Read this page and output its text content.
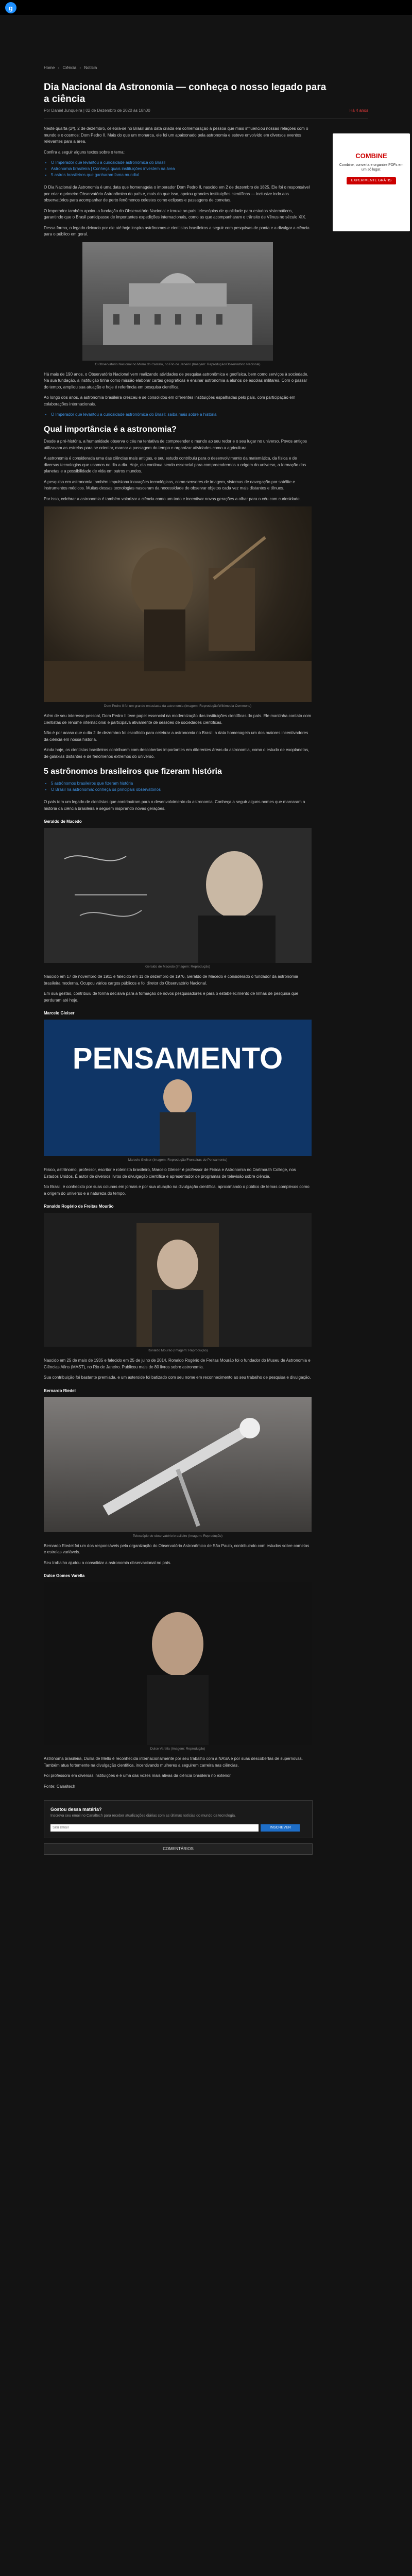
g
Home › Ciência › Notícia
Dia Nacional da Astronomia — conheça o nosso legado para a ciência
Por Daniel Junqueira | 02 de Dezembro de 2020 às 18h00	Há 4 anos
COMBINE
Combine, converta e organize PDFs em um só lugar.
EXPERIMENTE GRÁTIS

Neste quarta (2ª), 2 de dezembro, celebra-se no Brasil uma data criada em comemoração à pessoa que mais influenciou nossas relações com o mundo e o cosmos: Dom Pedro II. Mais do que um monarca, ele foi um apaixonado pela astronomia e esteve envolvido em diversos eventos relevantes para a área.

Confira a seguir alguns textos sobre o tema:

• O Imperador que levantou a curiosidade astronômica do Brasil
• Astronomia brasileira | Conheça quais instituições investem na área
• 5 astros brasileiros que ganharam fama mundial

O Dia Nacional da Astronomia é uma data que homenageia o imperador Dom Pedro II, nascido em 2 de dezembro de 1825. Ele foi o responsável por criar o primeiro Observatório Astronômico do país e, mais do que isso, apoiou grandes instituições científicas — inclusive indo aos observatórios para acompanhar de perto fenômenos celestes como eclipses e passagens de cometas.

O Imperador também apoiou a fundação do Observatório Nacional e trouxe ao país telescópios de qualidade para estudos sistemáticos, garantindo que o Brasil participasse de importantes expedições internacionais, como as que acompanharam o trânsito de Vênus no século XIX.

Dessa forma, o legado deixado por ele até hoje inspira astrônomos e cientistas brasileiros a seguir com pesquisas de ponta e a divulgar a ciência para o público em geral.

O Observatório Nacional no Morro do Castelo, no Rio de Janeiro (Imagem: Reprodução/Observatório Nacional)

Há mais de 190 anos, o Observatório Nacional vem realizando atividades de pesquisa astronômica e geofísica, bem como serviços à sociedade. Na sua fundação, a instituição tinha como missão elaborar cartas geográficas e ensinar astronomia a alunos de escolas militares. Com o passar do tempo, ampliou sua atuação e hoje é referência em pesquisa científica.

Ao longo dos anos, a astronomia brasileira cresceu e se consolidou em diferentes instituições espalhadas pelo país, com participação em colaborações internacionais.

• O Imperador que levantou a curiosidade astronômica do Brasil: saiba mais sobre a história
Qual importância é a astronomia?

Desde a pré-história, a humanidade observa o céu na tentativa de compreender o mundo ao seu redor e o seu lugar no universo. Povos antigos utilizavam as estrelas para se orientar, marcar a passagem do tempo e organizar atividades como a agricultura.

A astronomia é considerada uma das ciências mais antigas, e seu estudo contribuiu para o desenvolvimento da matemática, da física e de diversas tecnologias que usamos no dia a dia. Hoje, ela continua sendo essencial para compreendermos a origem do universo, a formação dos planetas e a possibilidade de vida em outros mundos.

A pesquisa em astronomia também impulsiona inovações tecnológicas, como sensores de imagem, sistemas de navegação por satélite e instrumentos médicos. Muitas dessas tecnologias nasceram da necessidade de observar objetos cada vez mais distantes e tênues.

Por isso, celebrar a astronomia é também valorizar a ciência como um todo e incentivar novas gerações a olhar para o céu com curiosidade.

Dom Pedro II foi um grande entusiasta da astronomia (Imagem: Reprodução/Wikimedia Commons)

Além de seu interesse pessoal, Dom Pedro II teve papel essencial na modernização das instituições científicas do país. Ele mantinha contato com cientistas de renome internacional e participava ativamente de sessões de sociedades científicas.

Não é por acaso que o dia 2 de dezembro foi escolhido para celebrar a astronomia no Brasil: a data homenageia um dos maiores incentivadores da ciência em nossa história.

Ainda hoje, os cientistas brasileiros contribuem com descobertas importantes em diferentes áreas da astronomia, como o estudo de exoplanetas, de galáxias distantes e de fenômenos extremos do universo.

5 astrônomos brasileiros que fizeram história
• 5 astrônomos brasileiros que fizeram história
• O Brasil na astronomia: conheça os principais observatórios

O país tem um legado de cientistas que contribuíram para o desenvolvimento da astronomia. Conheça a seguir alguns nomes que marcaram a história da ciência brasileira e seguem inspirando novas gerações.

Geraldo de Macedo
Geraldo de Macedo (Imagem: Reprodução)

Nascido em 17 de novembro de 1911 e falecido em 11 de dezembro de 1976, Geraldo de Macedo é considerado o fundador da astronomia brasileira moderna. Ocupou vários cargos públicos e foi diretor do Observatório Nacional.

Em sua gestão, contribuiu de forma decisiva para a formação de novos pesquisadores e para o estabelecimento de linhas de pesquisa que perduram até hoje.

Marcelo Gleiser
PENSAMENTO
Marcelo Gleiser (Imagem: Reprodução/Fronteiras do Pensamento)

Físico, astrônomo, professor, escritor e roteirista brasileiro, Marcelo Gleiser é professor de Física e Astronomia no Dartmouth College, nos Estados Unidos. É autor de diversos livros de divulgação científica e apresentador de programas de televisão sobre ciência.

No Brasil, é conhecido por suas colunas em jornais e por sua atuação na divulgação científica, aproximando o público de temas complexos como a origem do universo e a natureza do tempo.

Ronaldo Rogério de Freitas Mourão
Ronaldo Mourão (Imagem: Reprodução)

Nascido em 25 de maio de 1935 e falecido em 25 de julho de 2014, Ronaldo Rogério de Freitas Mourão foi o fundador do Museu de Astronomia e Ciências Afins (MAST), no Rio de Janeiro. Publicou mais de 80 livros sobre astronomia.

Sua contribuição foi bastante premiada, e um asteroide foi batizado com seu nome em reconhecimento ao seu trabalho de pesquisa e divulgação.

Bernardo Riedel
Telescópio de observatório brasileiro (Imagem: Reprodução)

Bernardo Riedel foi um dos responsáveis pela organização do Observatório Astronômico de São Paulo, contribuindo com estudos sobre cometas e estrelas variáveis.

Seu trabalho ajudou a consolidar a astronomia observacional no país.

Dulce Gomes Varella
Dulce Varella (Imagem: Reprodução)

Astrônoma brasileira, Duília de Mello é reconhecida internacionalmente por seu trabalho com a NASA e por suas descobertas de supernovas. Também atua fortemente na divulgação científica, incentivando mulheres a seguirem carreira nas ciências.

Foi professora em diversas instituições e é uma das vozes mais ativas da ciência brasileira no exterior.

Fonte: Canaltech

Gostou dessa matéria?
Inscreva seu email no Canaltech para receber atualizações diárias com as últimas notícias do mundo da tecnologia.
Seu email INSCREVER
COMENTÁRIOS
